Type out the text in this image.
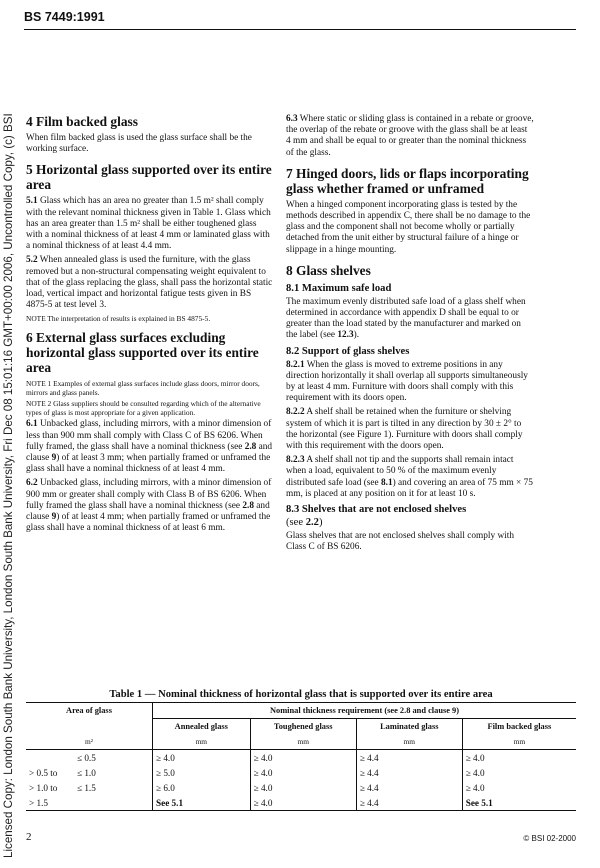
BS 7449:1991
Licensed Copy: London South Bank University, London South Bank University, Fri Dec 08 15:01:16 GMT+00:00 2006, Uncontrolled Copy, (c) BSI 4 Film backed glass

When film backed glass is used the glass surface shall be the working surface.

5 Horizontal glass supported over its entire area

5.1 Glass which has an area no greater than 1.5 m² shall comply with the relevant nominal thickness given in Table 1. Glass which has an area greater than 1.5 m² shall be either toughened glass with a nominal thickness of at least 4 mm or laminated glass with a nominal thickness of at least 4.4 mm.

5.2 When annealed glass is used the furniture, with the glass removed but a non-structural compensating weight equivalent to that of the glass replacing the glass, shall pass the horizontal static load, vertical impact and horizontal fatigue tests given in BS 4875-5 at test level 3.

NOTE The interpretation of results is explained in BS 4875-5.

6 External glass surfaces excluding horizontal glass supported over its entire area

NOTE 1 Examples of external glass surfaces include glass doors, mirror doors, mirrors and glass panels.

NOTE 2 Glass suppliers should be consulted regarding which of the alternative types of glass is most appropriate for a given application.

6.1 Unbacked glass, including mirrors, with a minor dimension of less than 900 mm shall comply with Class C of BS 6206. When fully framed, the glass shall have a nominal thickness (see 2.8 and clause 9) of at least 3 mm; when partially framed or unframed the glass shall have a nominal thickness of at least 4 mm.

6.2 Unbacked glass, including mirrors, with a minor dimension of 900 mm or greater shall comply with Class B of BS 6206. When fully framed the glass shall have a nominal thickness (see 2.8 and clause 9) of at least 4 mm; when partially framed or unframed the glass shall have a nominal thickness of at least 6 mm.

6.3 Where static or sliding glass is contained in a rebate or groove, the overlap of the rebate or groove with the glass shall be at least 4 mm and shall be equal to or greater than the nominal thickness of the glass.

7 Hinged doors, lids or flaps incorporating glass whether framed or unframed

When a hinged component incorporating glass is tested by the methods described in appendix C, there shall be no damage to the glass and the component shall not become wholly or partially detached from the unit either by structural failure of a hinge or slippage in a hinge mounting.

8 Glass shelves
8.1 Maximum safe load

The maximum evenly distributed safe load of a glass shelf when determined in accordance with appendix D shall be equal to or greater than the load stated by the manufacturer and marked on the label (see 12.3).

8.2 Support of glass shelves

8.2.1 When the glass is moved to extreme positions in any direction horizontally it shall overlap all supports simultaneously by at least 4 mm. Furniture with doors shall comply with this requirement with its doors open.

8.2.2 A shelf shall be retained when the furniture or shelving system of which it is part is tilted in any direction by 30 ± 2° to the horizontal (see Figure 1). Furniture with doors shall comply with this requirement with the doors open.

8.2.3 A shelf shall not tip and the supports shall remain intact when a load, equivalent to 50 % of the maximum evenly distributed safe load (see 8.1) and covering an area of 75 mm × 75 mm, is placed at any position on it for at least 10 s.

8.3 Shelves that are not enclosed shelves
(see 2.2)

Glass shelves that are not enclosed shelves shall comply with Class C of BS 6206.

Table 1 — Nominal thickness of horizontal glass that is supported over its entire area
Area of glass		Nominal thickness requirement (see 2.8 and clause 9)			
		Annealed glass	Toughened glass	Laminated glass	Film backed glass
m²		mm	mm	mm	mm
	≤ 0.5	≥ 4.0	≥ 4.0	≥ 4.4	≥ 4.0
> 0.5 to	≤ 1.0	≥ 5.0	≥ 4.0	≥ 4.4	≥ 4.0
> 1.0 to	≤ 1.5	≥ 6.0	≥ 4.0	≥ 4.4	≥ 4.0
> 1.5		See 5.1	≥ 4.0	≥ 4.4	See 5.1
2	© BSI 02-2000
